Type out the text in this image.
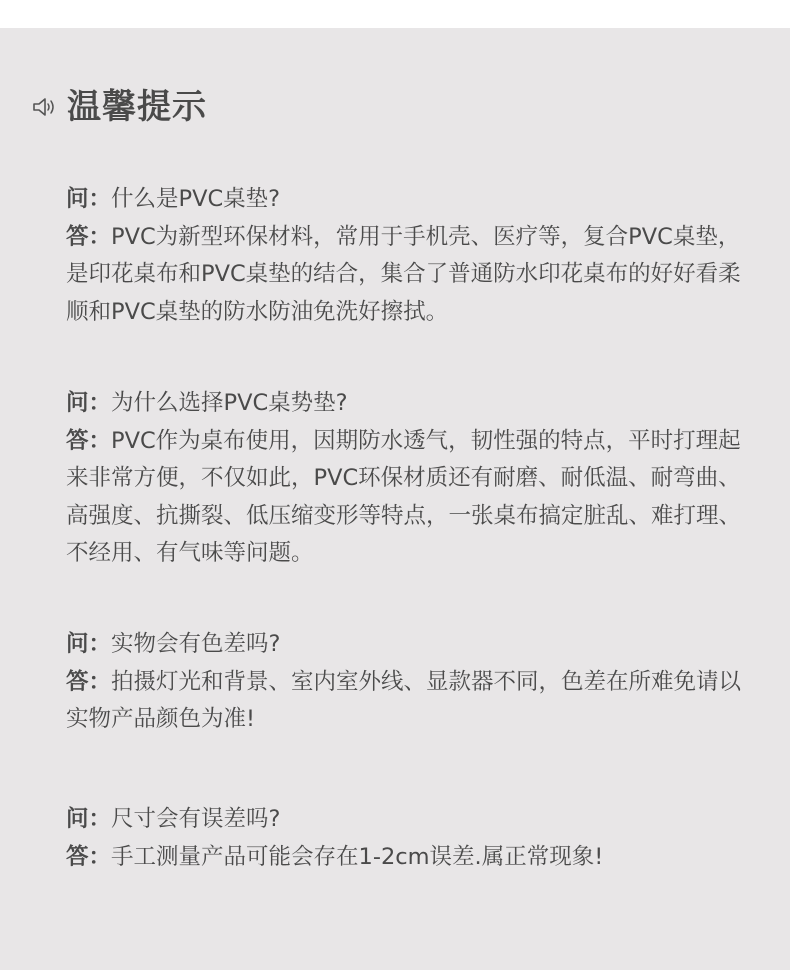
温馨提示
问：什么是PVC桌垫?
答：PVC为新型环保材料，常用于手机壳、医疗等，复合PVC桌垫，是印花桌布和PVC桌垫的结合，集合了普通防水印花桌布的好好看柔顺和PVC桌垫的防水防油免洗好擦拭。
问：为什么选择PVC桌势垫?
答：PVC作为桌布使用，因期防水透气，韧性强的特点，平时打理起来非常方便，不仅如此，PVC环保材质还有耐磨、耐低温、耐弯曲、高强度、抗撕裂、低压缩变形等特点，一张桌布搞定脏乱、难打理、不经用、有气味等问题。
问：实物会有色差吗?
答：拍摄灯光和背景、室内室外线、显款器不同，色差在所难免请以实物产品颜色为准!
问：尺寸会有误差吗?
答：手工测量产品可能会存在1-2cm误差.属正常现象!
